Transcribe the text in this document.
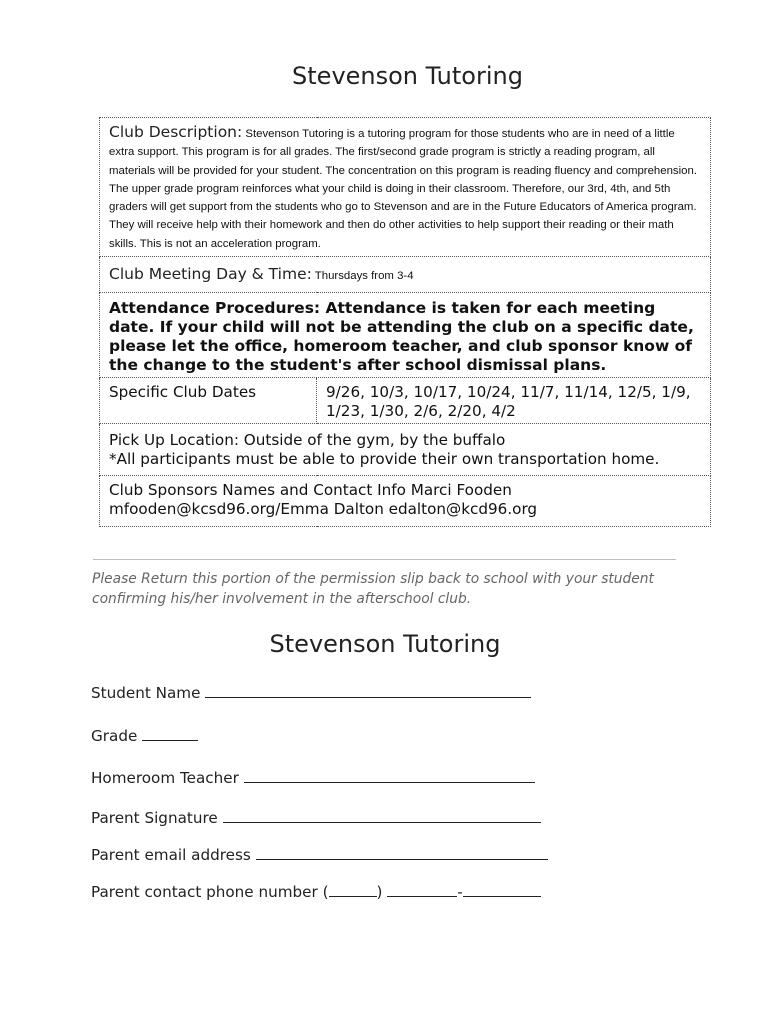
Stevenson Tutoring
Club Description: Stevenson Tutoring is a tutoring program for those students who are in need of a little extra support. This program is for all grades. The first/second grade program is strictly a reading program, all materials will be provided for your student. The concentration on this program is reading fluency and comprehension. The upper grade program reinforces what your child is doing in their classroom. Therefore, our 3rd, 4th, and 5th graders will get support from the students who go to Stevenson and are in the Future Educators of America program. They will receive help with their homework and then do other activities to help support their reading or their math skills. This is not an acceleration program.
Club Meeting Day & Time: Thursdays from 3-4

Attendance Procedures: Attendance is taken for each meeting date. If your child will not be attending the club on a specific date, please let the office, homeroom teacher, and club sponsor know of the change to the student's after school dismissal plans.

Specific Club Dates	9/26, 10/3, 10/17, 10/24, 11/7, 11/14, 12/5, 1/9, 1/23, 1/30, 2/6, 2/20, 4/2

Pick Up Location: Outside of the gym, by the buffalo
*All participants must be able to provide their own transportation home.

Club Sponsors Names and Contact Info Marci Fooden
mfooden@kcsd96.org/Emma Dalton edalton@kcd96.org
Please Return this portion of the permission slip back to school with your student confirming his/her involvement in the afterschool club.
Stevenson Tutoring
Student Name
Grade
Homeroom Teacher
Parent Signature
Parent email address
Parent contact phone number (	)	-
